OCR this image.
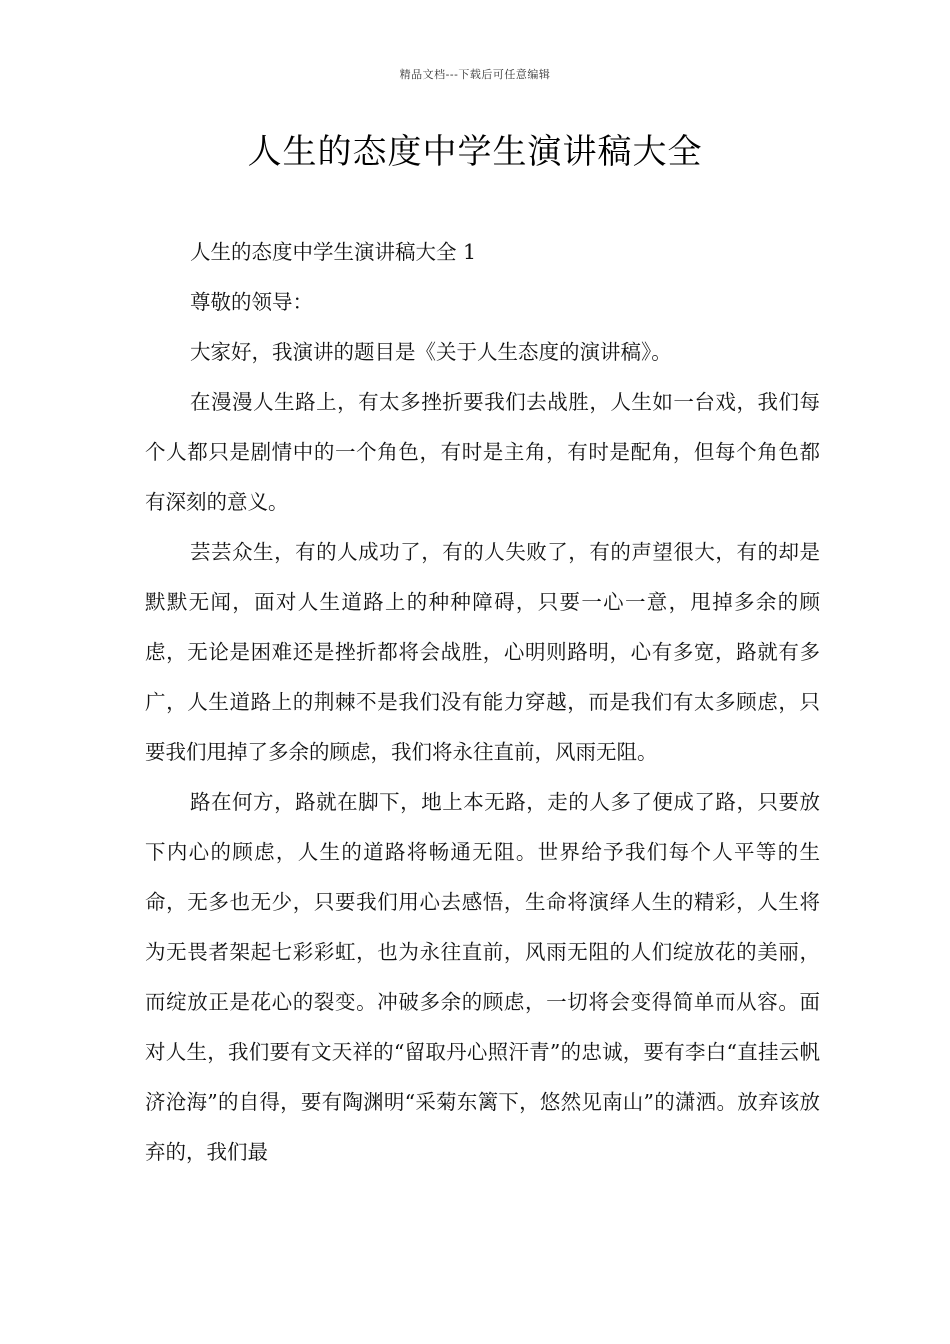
精品文档---下载后可任意编辑
人生的态度中学生演讲稿大全

人生的态度中学生演讲稿大全 1

尊敬的领导：

大家好，我演讲的题目是《关于人生态度的演讲稿》。

在漫漫人生路上，有太多挫折要我们去战胜，人生如一台戏，我们每个人都只是剧情中的一个角色，有时是主角，有时是配角，但每个角色都有深刻的意义。

芸芸众生，有的人成功了，有的人失败了，有的声望很大，有的却是默默无闻，面对人生道路上的种种障碍，只要一心一意，甩掉多余的顾虑，无论是困难还是挫折都将会战胜，心明则路明，心有多宽，路就有多广，人生道路上的荆棘不是我们没有能力穿越，而是我们有太多顾虑，只要我们甩掉了多余的顾虑，我们将永往直前，风雨无阻。

路在何方，路就在脚下，地上本无路，走的人多了便成了路，只要放下内心的顾虑，人生的道路将畅通无阻。世界给予我们每个人平等的生命，无多也无少，只要我们用心去感悟，生命将演绎人生的精彩，人生将为无畏者架起七彩彩虹，也为永往直前，风雨无阻的人们绽放花的美丽，而绽放正是花心的裂变。冲破多余的顾虑，一切将会变得简单而从容。面对人生，我们要有文天祥的“留取丹心照汗青”的忠诚，要有李白“直挂云帆济沧海”的自得，要有陶渊明“采菊东篱下，悠然见南山”的潇洒。放弃该放弃的，我们最
